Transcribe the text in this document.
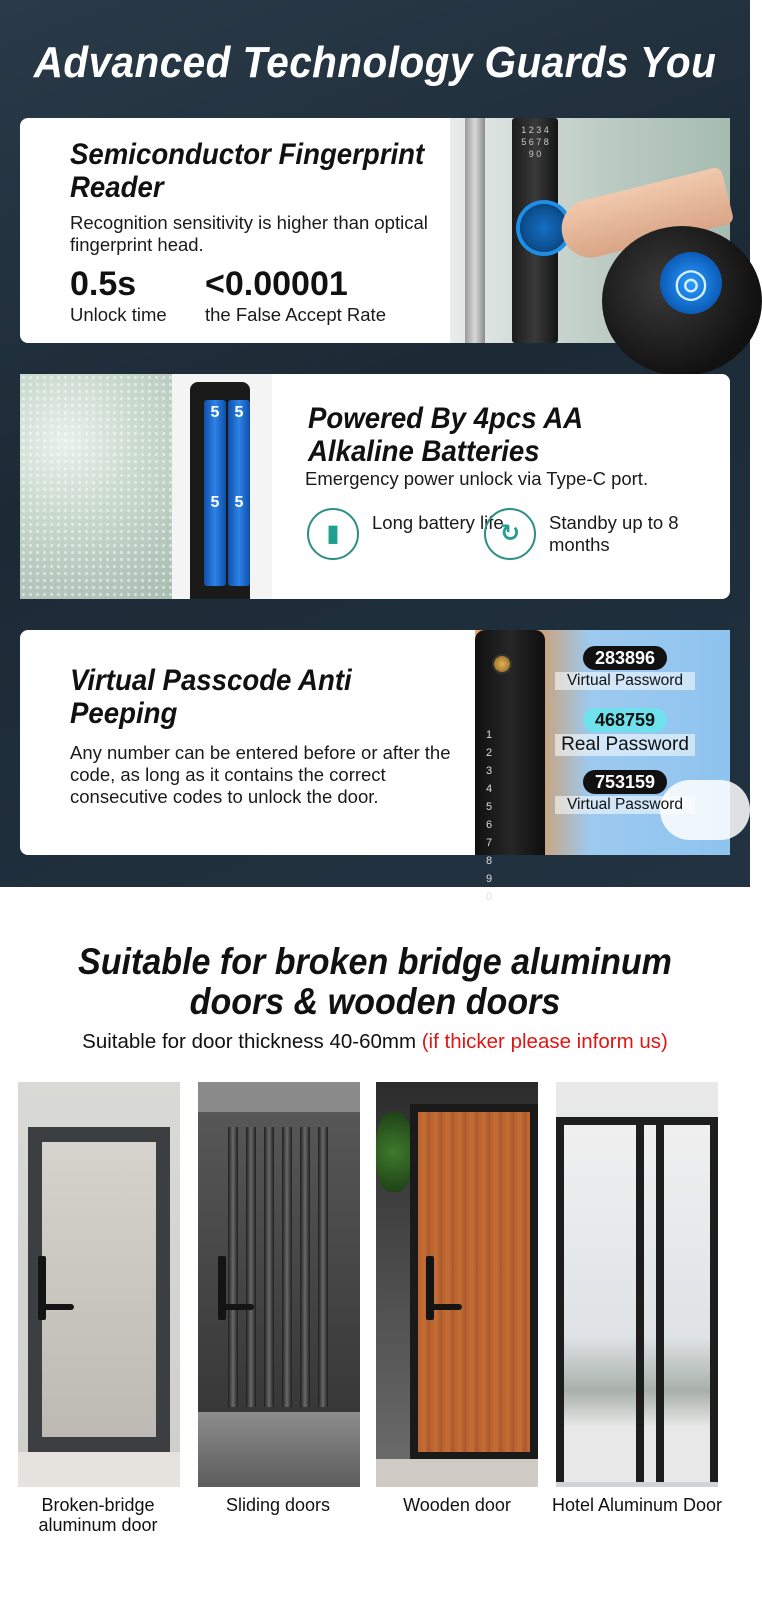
Advanced Technology Guards You
Semiconductor Fingerprint Reader
Recognition sensitivity is higher than optical fingerprint head.
0.5s
Unlock time
<0.00001
the False Accept Rate
1 2 3 4 5 6 7 8 9 0
◎
5 5
5 5
Powered By 4pcs AA Alkaline Batteries
Emergency power unlock via Type-C port.
▮	Long battery life
↻	Standby up to 8 months
Virtual Passcode Anti Peeping
Any number can be entered before or after the code, as long as it contains the correct consecutive codes to unlock the door.
1 2 3 4 5 6 7 8 9 0
283896
Virtual Password
468759
Real Password
753159
Virtual Password
Suitable for broken bridge aluminum
doors & wooden doors
Suitable for door thickness 40-60mm (if thicker please inform us)
Broken-bridge aluminum door
Sliding doors	Wooden door	Hotel Aluminum Door
